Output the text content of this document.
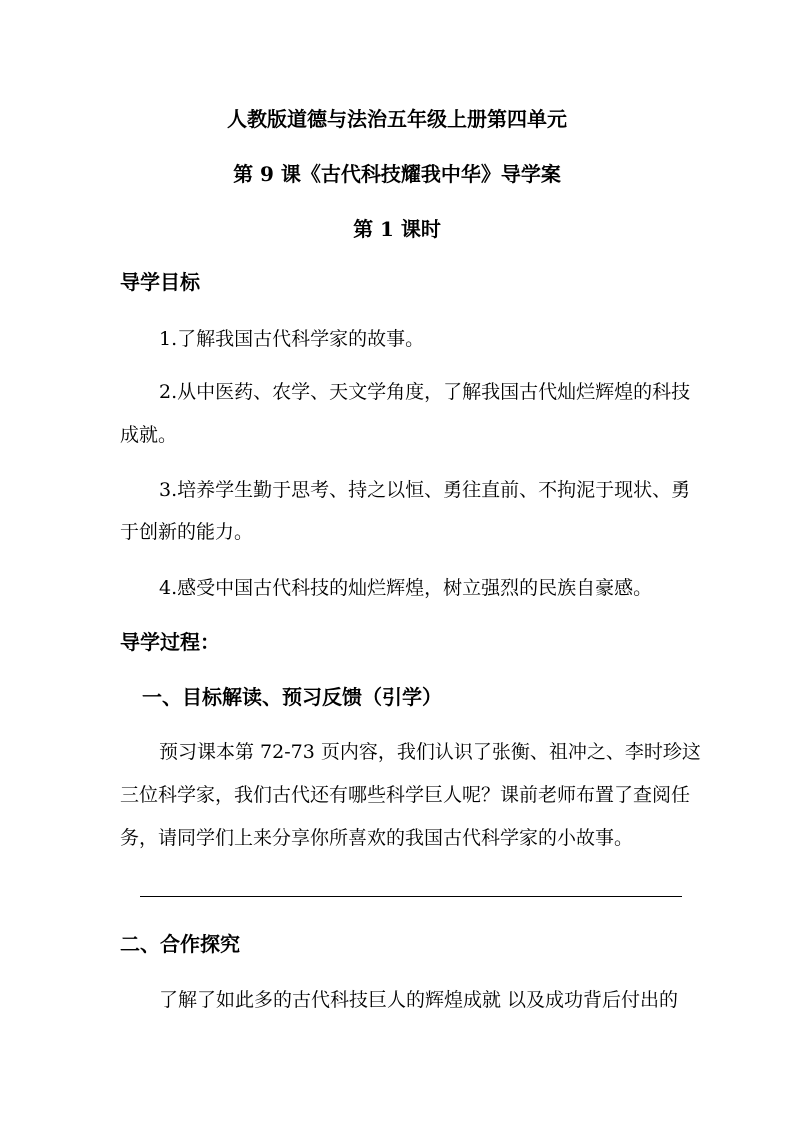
人教版道德与法治五年级上册第四单元
第 9 课《古代科技耀我中华》导学案
第 1 课时
导学目标
1.了解我国古代科学家的故事。
2.从中医药、农学、天文学角度，了解我国古代灿烂辉煌的科技
成就。
3.培养学生勤于思考、持之以恒、勇往直前、不拘泥于现状、勇
于创新的能力。
4.感受中国古代科技的灿烂辉煌，树立强烈的民族自豪感。
导学过程：
一、目标解读、预习反馈（引学）
预习课本第 72-73 页内容，我们认识了张衡、祖冲之、李时珍这
三位科学家，我们古代还有哪些科学巨人呢？课前老师布置了查阅任
务，请同学们上来分享你所喜欢的我国古代科学家的小故事。
二、合作探究
了解了如此多的古代科技巨人的辉煌成就 以及成功背后付出的
